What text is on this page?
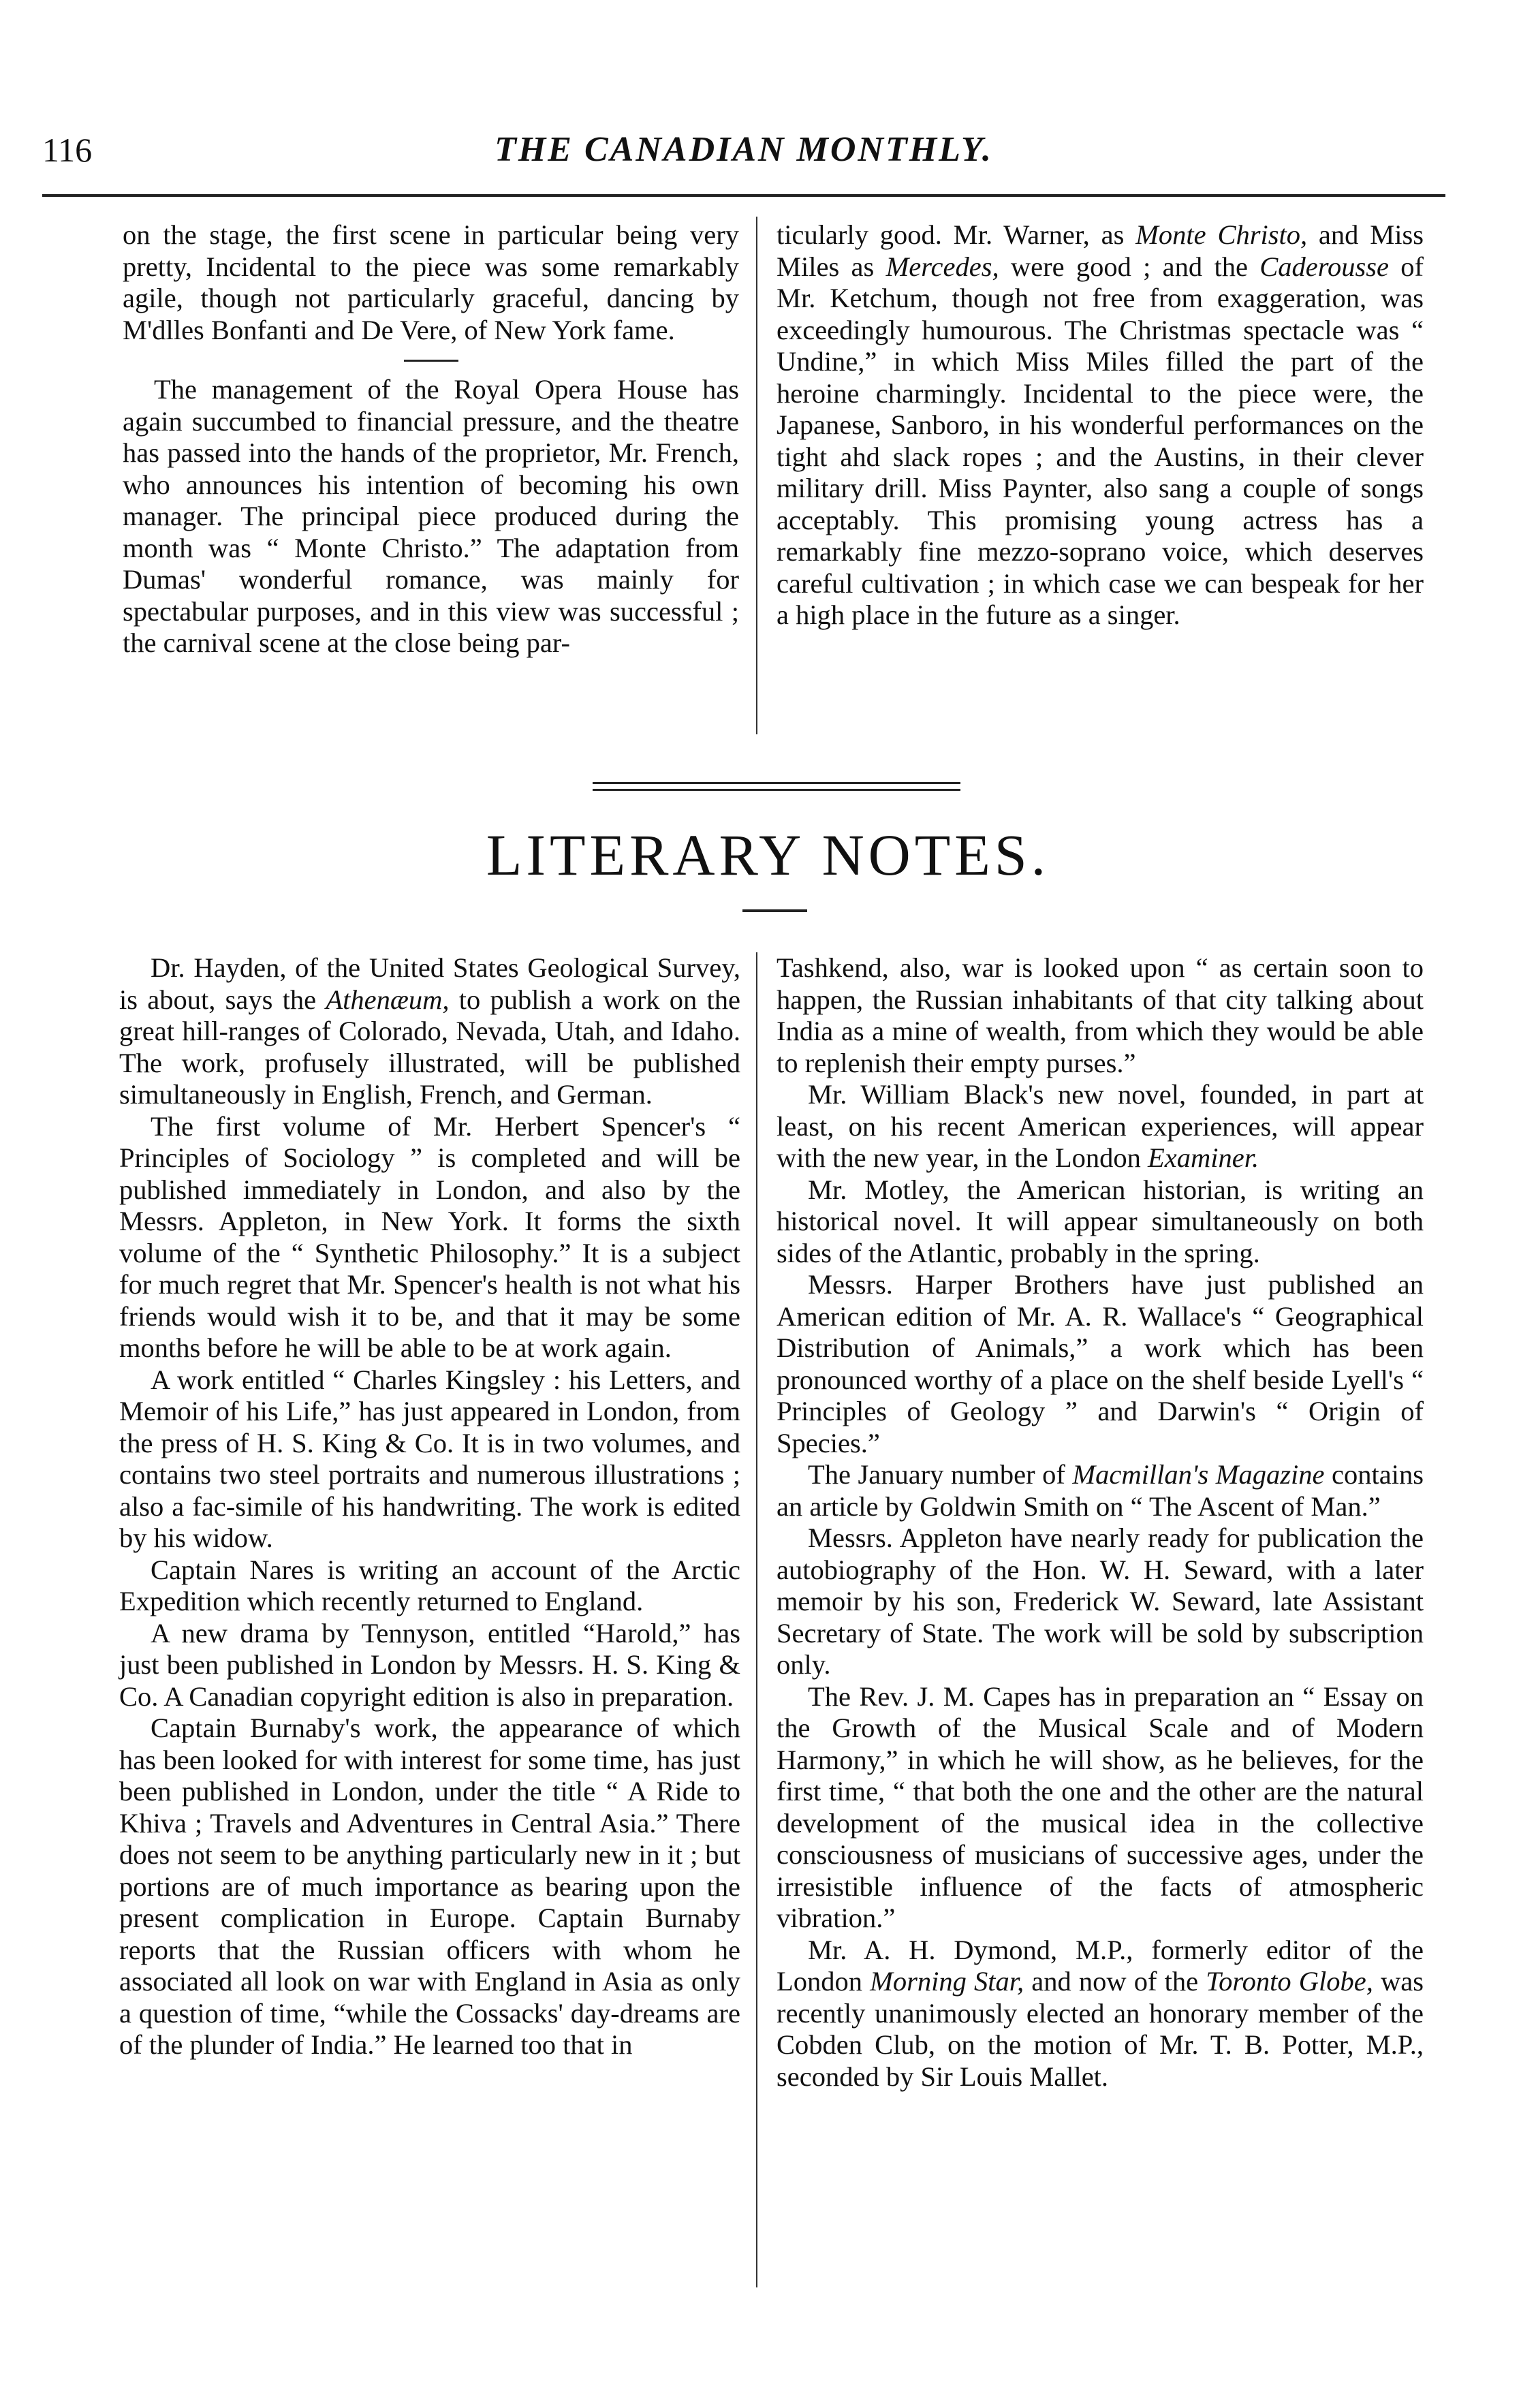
116	THE CANADIAN MONTHLY.

on the stage, the first scene in particular being very pretty, Incidental to the piece was some remarkably agile, though not particularly graceful, dancing by M'dlles Bonfanti and De Vere, of New York fame.

The management of the Royal Opera House has again succumbed to financial pressure, and the theatre has passed into the hands of the proprietor, Mr. French, who announces his intention of becoming his own manager. The principal piece produced during the month was “ Monte Christo.” The adaptation from Dumas' wonderful romance, was mainly for spectabular purposes, and in this view was successful ; the carnival scene at the close being par-

ticularly good. Mr. Warner, as Monte Christo, and Miss Miles as Mercedes, were good ; and the Caderousse of Mr. Ketchum, though not free from exaggeration, was exceedingly humourous. The Christmas spectacle was “ Undine,” in which Miss Miles filled the part of the heroine charmingly. Incidental to the piece were, the Japanese, Sanboro, in his wonderful performances on the tight ahd slack ropes ; and the Austins, in their clever military drill. Miss Paynter, also sang a couple of songs acceptably. This promising young actress has a remarkably fine mezzo-soprano voice, which deserves careful cultivation ; in which case we can bespeak for her a high place in the future as a singer.

LITERARY NOTES.

Dr. Hayden, of the United States Geological Survey, is about, says the Athenæum, to publish a work on the great hill-ranges of Colorado, Nevada, Utah, and Idaho. The work, profusely illustrated, will be published simultaneously in English, French, and German.

The first volume of Mr. Herbert Spencer's “ Principles of Sociology ” is completed and will be published immediately in London, and also by the Messrs. Appleton, in New York. It forms the sixth volume of the “ Synthetic Philosophy.” It is a subject for much regret that Mr. Spencer's health is not what his friends would wish it to be, and that it may be some months before he will be able to be at work again.

A work entitled “ Charles Kingsley : his Letters, and Memoir of his Life,” has just appeared in London, from the press of H. S. King & Co. It is in two volumes, and contains two steel portraits and numerous illustrations ; also a fac-simile of his handwriting. The work is edited by his widow.

Captain Nares is writing an account of the Arctic Expedition which recently returned to England.

A new drama by Tennyson, entitled “Harold,” has just been published in London by Messrs. H. S. King & Co. A Canadian copyright edition is also in preparation.

Captain Burnaby's work, the appearance of which has been looked for with interest for some time, has just been published in London, under the title “ A Ride to Khiva ; Travels and Adventures in Central Asia.” There does not seem to be anything particularly new in it ; but portions are of much importance as bearing upon the present complication in Europe. Captain Burnaby reports that the Russian officers with whom he associated all look on war with England in Asia as only a question of time, “while the Cossacks' day-dreams are of the plunder of India.” He learned too that in

Tashkend, also, war is looked upon “ as certain soon to happen, the Russian inhabitants of that city talking about India as a mine of wealth, from which they would be able to replenish their empty purses.”

Mr. William Black's new novel, founded, in part at least, on his recent American experiences, will appear with the new year, in the London Examiner.

Mr. Motley, the American historian, is writing an historical novel. It will appear simultaneously on both sides of the Atlantic, probably in the spring.

Messrs. Harper Brothers have just published an American edition of Mr. A. R. Wallace's “ Geographical Distribution of Animals,” a work which has been pronounced worthy of a place on the shelf beside Lyell's “ Principles of Geology ” and Darwin's “ Origin of Species.”

The January number of Macmillan's Magazine contains an article by Goldwin Smith on “ The Ascent of Man.”

Messrs. Appleton have nearly ready for publication the autobiography of the Hon. W. H. Seward, with a later memoir by his son, Frederick W. Seward, late Assistant Secretary of State. The work will be sold by subscription only.

The Rev. J. M. Capes has in preparation an “ Essay on the Growth of the Musical Scale and of Modern Harmony,” in which he will show, as he believes, for the first time, “ that both the one and the other are the natural development of the musical idea in the collective consciousness of musicians of successive ages, under the irresistible influence of the facts of atmospheric vibration.”

Mr. A. H. Dymond, M.P., formerly editor of the London Morning Star, and now of the Toronto Globe, was recently unanimously elected an honorary member of the Cobden Club, on the motion of Mr. T. B. Potter, M.P., seconded by Sir Louis Mallet.
